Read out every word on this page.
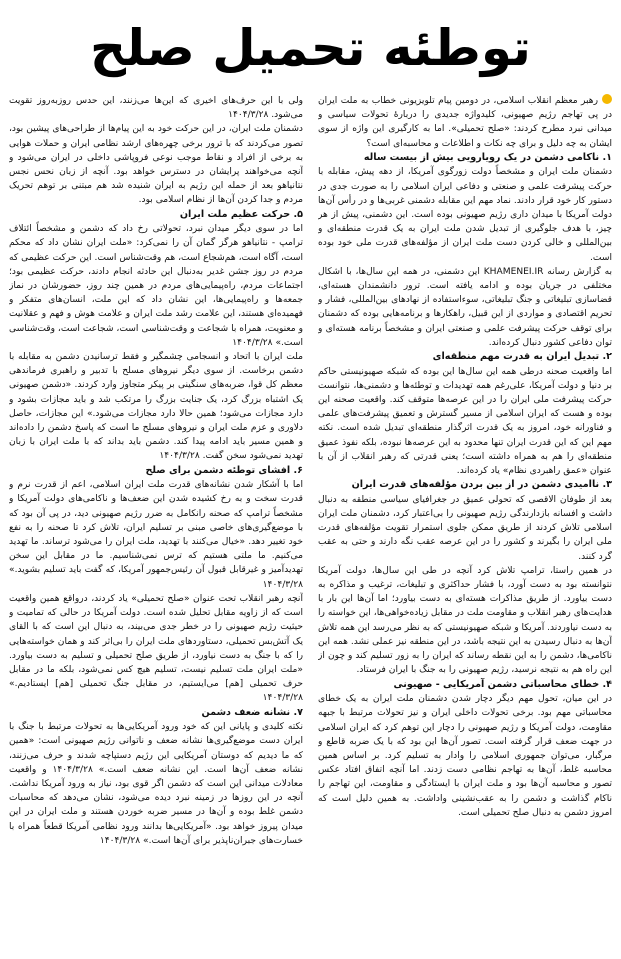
توطئه تحمیل صلح

رهبر معظم انقلاب اسلامی، در دومین پیام تلویزیونی خطاب به ملت ایران در پی تهاجم رژیم صهیونی، کلیدواژه جدیدی را دربارهٔ تحولات سیاسی و میدانی نبرد مطرح کردند: «صلح تحمیلی». اما به کارگیری این واژه از سوی ایشان به چه دلیل و برای چه نکات و اطلاعات و محاسبه‌ای است؟

۱. ناکامی دشمن در یک رویارویی بیش از بیست ساله

دشمنان ملت ایران و مشخصاً دولت زورگوی آمریکا، از دهه پیش، مقابله با حرکت پیشرفت علمی و صنعتی و دفاعی ایران اسلامی را به صورت جدی در دستور کار خود قرار دادند. نماد مهم این مقابله دشمنی غربی‌ها و در رأس آن‌ها دولت آمریکا با میدان داری رژیم صهیونی بوده است. این دشمنی، پیش از هر چیز، با هدف جلوگیری از تبدیل شدن ملت ایران به یک قدرت منطقه‌ای و بین‌المللی و خالی کردن دست ملت ایران از مؤلفه‌های قدرت ملی خود بوده است.

به گزارش رسانه KHAMENEI.IR این دشمنی، در همه این سال‌ها، با اشکال مختلفی در جریان بوده و ادامه یافته است. ترور دانشمندان هسته‌ای، قضاسازی تبلیغاتی و جنگ تبلیغاتی، سوءاستفاده از نهادهای بین‌المللی، فشار و تحریم اقتصادی و مواردی از این قبیل، راهکارها و برنامه‌هایی بوده که دشمنان برای توقف حرکت پیشرفت علمی و صنعتی ایران و مشخصاً برنامه هسته‌ای و توان دفاعی کشور دنبال کرده‌اند.

۲. تبدیل ایران به قدرت مهم منطقه‌ای

اما واقعیت صحنه درطی همه این سال‌ها این بوده که شبکه صهیونیستی حاکم بر دنیا و دولت آمریکا، علی‌رغم همه تهدیدات و توطئه‌ها و دشمنی‌ها، نتوانست حرکت پیشرفت ملی ایران را در این عرصه‌ها متوقف کند. واقعیت صحنه این بوده و هست که ایران اسلامی از مسیر گسترش و تعمیق پیشرفت‌های علمی و فناورانه خود، امروز به یک قدرت اثرگذار منطقه‌ای تبدیل شده است. نکته مهم این که این قدرت ایران تنها محدود به این عرصه‌ها نبوده، بلکه نفوذ عمیق منطقه‌ای را هم به همراه داشته است؛ یعنی قدرتی که رهبر انقلاب از آن با عنوان «عمق راهبردی نظام» یاد کرده‌اند.

۳. ناامیدی دشمن در از بین بردن مؤلفه‌های قدرت ایران

بعد از طوفان الاقصی که تحولی عمیق در جغرافیای سیاسی منطقه به دنبال داشت و افسانه بازدارندگی رژیم صهیونی را بی‌اعتبار کرد، دشمنان ملت ایران اسلامی تلاش کردند از طریق ممکن جلوی استمرار تقویت مؤلفه‌های قدرت ملی ایران را بگیرند و کشور را در این عرصه عقب نگه دارند و حتی به عقب گرد کنند.

در همین راستا، ترامپ تلاش کرد آنچه در طی این سال‌ها، دولت آمریکا نتوانسته بود به دست آورد، با فشار حداکثری و تبلیغات، ترغیب و مذاکره به دست بیاورد. از طریق مذاکرات هسته‌ای به دست بیاورد؛ اما آن‌ها این بار با هدایت‌های رهبر انقلاب و مقاومت ملت در مقابل زیاده‌خواهی‌ها، این خواسته را به دست نیاوردند. آمریکا و شبکه صهیونیستی که به نظر می‌رسد این همه تلاش آن‌ها به دنبال رسیدن به این نتیجه باشد، در این منطقه نیز عملی نشد. همه این ناکامی‌ها، دشمن را به این نقطه رساند که ایران را به زور تسلیم کند و چون از این راه هم به نتیجه نرسید، رژیم صهیونی را به جنگ با ایران فرستاد.

۴. خطای محاسباتی دشمن آمریکایی - صهیونی

در این میان، تحول مهم دیگر دچار شدن دشمنان ملت ایران به یک خطای محاسباتی مهم بود. برخی تحولات داخلی ایران و نیز تحولات مرتبط با جبهه مقاومت، دولت آمریکا و رژیم صهیونی را دچار این توهم کرد که ایران اسلامی در جهت ضعف قرار گرفته است. تصور آن‌ها این بود که با یک ضربه قاطع و مرگبار، می‌توان جمهوری اسلامی را وادار به تسلیم کرد. بر اساس همین محاسبه غلط، آن‌ها به تهاجم نظامی دست زدند. اما آنچه اتفاق افتاد عکس تصور و محاسبه آن‌ها بود و ملت ایران با ایستادگی و مقاومت، این تهاجم را ناکام گذاشت و دشمن را به عقب‌نشینی واداشت. به همین دلیل است که امروز دشمن به دنبال صلح تحمیلی است.

ولی با این حرف‌های اخیری که این‌ها می‌زنند، این حدس روزبه‌روز تقویت می‌شود. ۱۴۰۴/۳/۲۸

دشمنان ملت ایران، در این حرکت خود به این پیام‌ها از طراحی‌های پیشین بود، تصور می‌کردند که با ترور برخی چهره‌های ارشد نظامی ایران و حملات هوایی به برخی از افراد و نقاط موجب نوعی فروپاشی داخلی در ایران می‌شود و آنچه می‌خواهند پرایشان در دسترس خواهد بود. آنچه از زبان نحس نجس نتانیاهو بعد از حمله این رژیم به ایران شنیده شد هم مبتنی بر توهم تحریک مردم و جدا کردن آن‌ها از نظام اسلامی بود.

۵. حرکت عظیم ملت ایران

اما در سوی دیگر میدان نبرد، تحولاتی رخ داد که دشمن و مشخصاً ائتلاف ترامپ - نتانیاهو هرگز گمان آن را نمی‌کرد: «ملت ایران نشان داد که محکم است، آگاه است، هم‌شجاع است، هم وقت‌شناس است. این حرکت عظیمی که مردم در روز جشن غدیر به‌دنبال این حادثه انجام دادند، حرکت عظیمی بود؛ اجتماعات مردم، راه‌پیمایی‌های مردم در همین چند روز، حضورشان در نماز جمعه‌ها و راه‌پیمایی‌ها، این نشان داد که این ملت، انسان‌های متفکر و فهمیده‌ای هستند، این علامت رشد ملت ایران و علامت هوش و فهم و عقلانیت و معنویت، همراه با شجاعت و وقت‌شناسی است، شجاعت است، وقت‌شناسی است.» ۱۴۰۴/۳/۲۸

ملت ایران با اتحاد و انسجامی چشمگیر و فقط ترسانیدن دشمن به مقابله با دشمن برخاست. از سوی دیگر نیروهای مسلح با تدبیر و راهبری فرماندهی معظم کل قوا، ضربه‌های سنگینی بر پیکر متجاوز وارد کردند. «دشمن صهیونی یک اشتباه بزرگ کرد، یک جنایت بزرگ را مرتکب شد و باید مجازات بشود و دارد مجازات می‌شود؛ همین حالا دارد مجازات می‌شود.» این مجازات، حاصل دلاوری و عزم ملت ایران و نیروهای مسلح ما است که پاسخ دشمن را داده‌اند و همین مسیر باید ادامه پیدا کند. دشمن باید بداند که با ملت ایران با زبان تهدید نمی‌شود سخن گفت. ۱۴۰۴/۳/۲۸

۶. افشای توطئه دشمن برای صلح

اما با آشکار شدن نشانه‌های قدرت ملت ایران اسلامی، اعم از قدرت نرم و قدرت سخت و به رخ کشیده شدن این ضعف‌ها و ناکامی‌های دولت آمریکا و مشخصاً ترامپ که صحنه رانکامل به ضرر رژیم صهیونی دید، در پی آن بود که با موضع‌گیری‌های خاصی مبنی بر تسلیم ایران، تلاش کرد تا صحنه را به نفع خود تغییر دهد. «خیال می‌کنند با تهدید، ملت ایران را می‌شود ترساند. ما تهدید می‌کنیم. ما ملتی هستیم که ترس نمی‌شناسیم. ما در مقابل این سخن تهدیدآمیز و غیرقابل قبول آن رئیس‌جمهور آمریکا، که گفت باید تسلیم بشوید.» ۱۴۰۴/۳/۲۸

آنچه رهبر انقلاب تحت عنوان «صلح تحمیلی» یاد کردند، درواقع همین واقعیت است که از زاویه مقابل تحلیل شده است. دولت آمریکا در حالی که تمامیت و حیثیت رژیم صهیونی را در خطر جدی می‌بیند، به دنبال این است که با القای یک آتش‌بس تحمیلی، دستاوردهای ملت ایران را بی‌اثر کند و همان خواسته‌هایی را که با جنگ به دست نیاورد، از طریق صلح تحمیلی و تسلیم به دست بیاورد. «ملت ایران ملت تسلیم نیست، تسلیم هیچ کس نمی‌شود، بلکه ما در مقابل حرف تحمیلی [هم] می‌ایستیم، در مقابل جنگ تحمیلی [هم] ایستادیم.» ۱۴۰۴/۳/۲۸

۷. نشانه ضعف دشمن

نکته کلیدی و پایانی این که خود ورود آمریکایی‌ها به تحولات مرتبط با جنگ با ایران دست موضع‌گیری‌ها نشانه ضعف و ناتوانی رژیم صهیونی است: «همین که ما دیدیم که دوستان آمریکایی این رژیم دستپاچه شدند و حرف می‌زنند، نشانه ضعف آن‌ها است. این نشانه ضعف است.» ۱۴۰۴/۳/۲۸ و واقعیت معادلات میدانی این است که دشمن اگر قوی بود، نیاز به ورود آمریکا نداشت. آنچه در این روزها در زمینه نبرد دیده می‌شود، نشان می‌دهد که محاسبات دشمن غلط بوده و آن‌ها در مسیر ضربه خوردن هستند و ملت ایران در این میدان پیروز خواهد بود. «آمریکایی‌ها بدانند ورود نظامی آمریکا قطعاً همراه با خسارت‌های جبران‌ناپذیر برای آن‌ها است.» ۱۴۰۴/۳/۲۸
